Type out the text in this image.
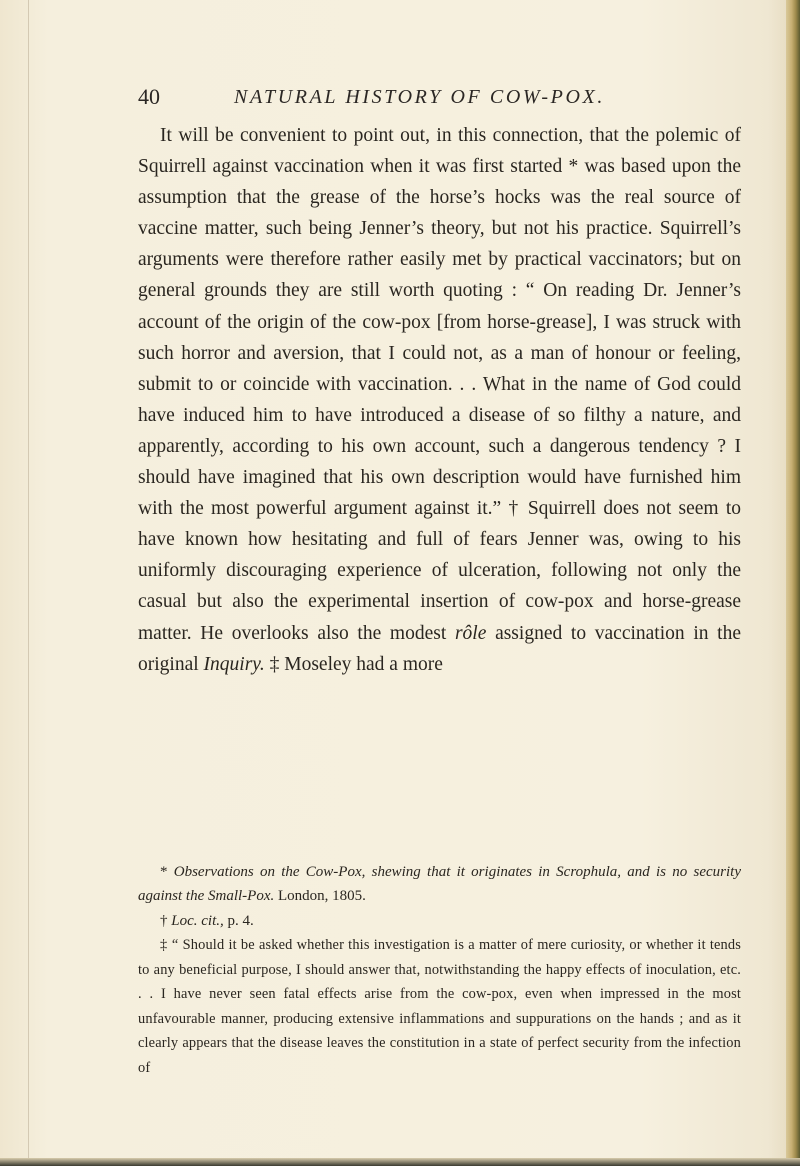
40	NATURAL HISTORY OF COW-POX.

It will be convenient to point out, in this connection, that the polemic of Squirrell against vaccination when it was first started * was based upon the assumption that the grease of the horse’s hocks was the real source of vaccine matter, such being Jenner’s theory, but not his practice. Squirrell’s arguments were therefore rather easily met by practical vaccinators; but on general grounds they are still worth quoting : “ On reading Dr. Jenner’s account of the origin of the cow-pox [from horse-grease], I was struck with such horror and aversion, that I could not, as a man of honour or feeling, submit to or coincide with vaccination. . . What in the name of God could have induced him to have introduced a disease of so filthy a nature, and apparently, according to his own account, such a dangerous tendency ? I should have imagined that his own description would have furnished him with the most powerful argument against it.” † Squirrell does not seem to have known how hesitating and full of fears Jenner was, owing to his uniformly discouraging experience of ulceration, following not only the casual but also the experimental insertion of cow-pox and horse-grease matter. He overlooks also the modest rôle assigned to vaccination in the original Inquiry. ‡ Moseley had a more

* Observations on the Cow-Pox, shewing that it originates in Scrophula, and is no security against the Small-Pox. London, 1805.

† Loc. cit., p. 4.

‡ “ Should it be asked whether this investigation is a matter of mere curiosity, or whether it tends to any beneficial purpose, I should answer that, notwithstanding the happy effects of inoculation, etc. . . I have never seen fatal effects arise from the cow-pox, even when impressed in the most unfavourable manner, producing extensive inflammations and suppurations on the hands ; and as it clearly appears that the disease leaves the constitution in a state of perfect security from the infection of
